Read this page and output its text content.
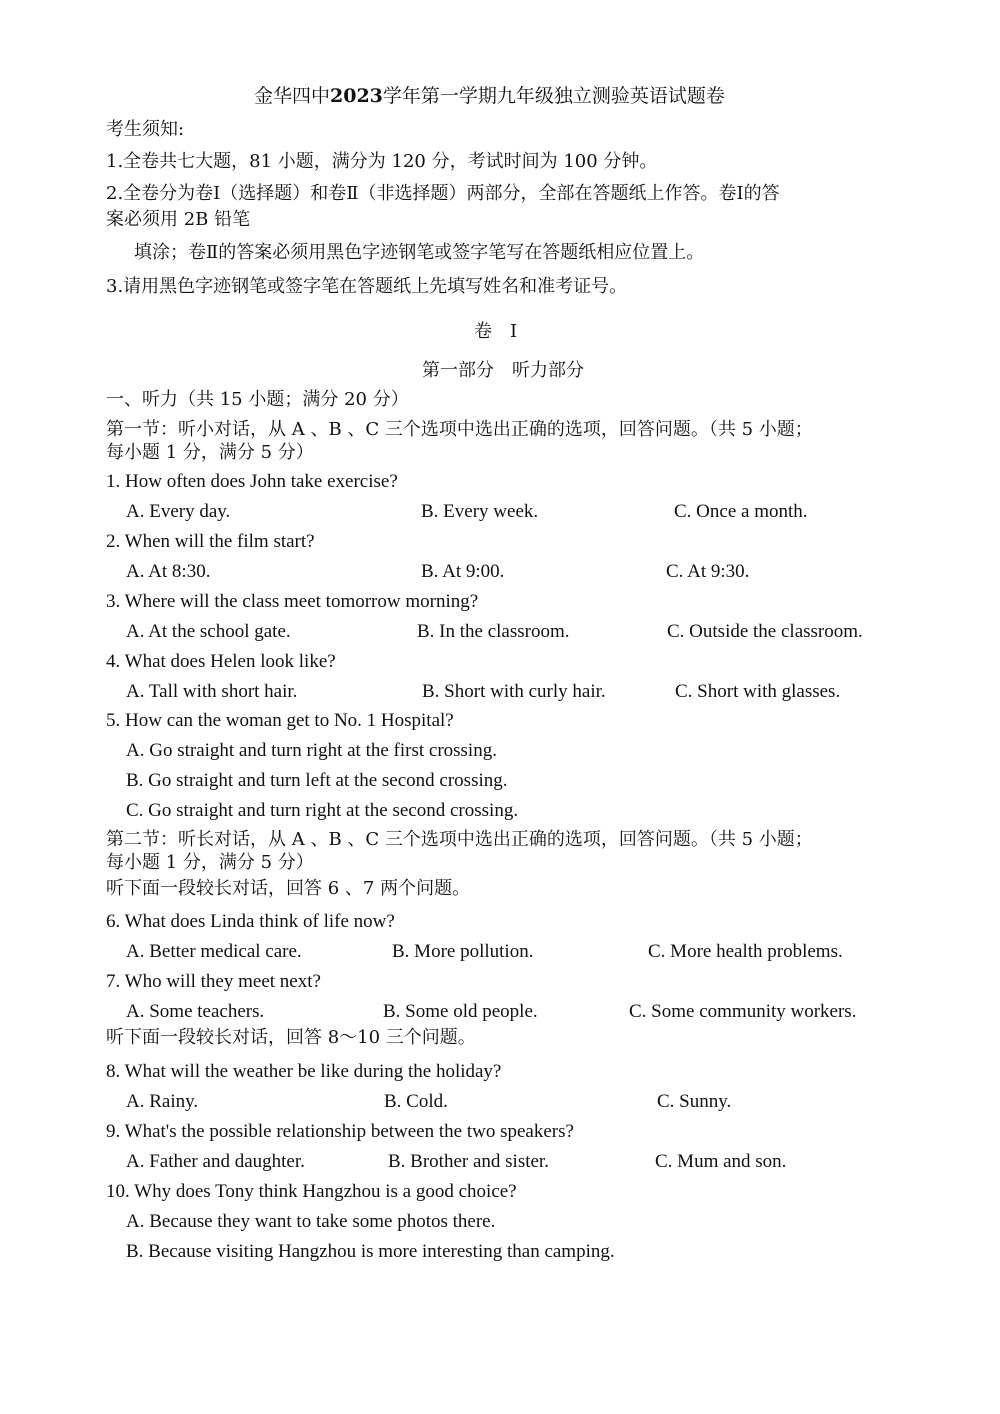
金华四中2023学年第一学期九年级独立测验英语试题卷
考生须知:
1.全卷共七大题，81 小题，满分为 120 分，考试时间为 100 分钟。
2.全卷分为卷Ⅰ（选择题）和卷Ⅱ（非选择题）两部分，全部在答题纸上作答。卷Ⅰ的答
案必须用 2B 铅笔
填涂；卷Ⅱ的答案必须用黑色字迹钢笔或签字笔写在答题纸相应位置上。
3.请用黑色字迹钢笔或签字笔在答题纸上先填写姓名和准考证号。
卷　Ⅰ
第一部分　听力部分
一、听力（共 15 小题；满分 20 分）
第一节：听小对话，从 A 、B 、C 三个选项中选出正确的选项，回答问题。（共 5 小题；
每小题 1 分，满分 5 分）
1. How often does John take exercise?
A. Every day.	B. Every week.	C. Once a month.
2. When will the film start?
A. At 8:30.	B. At 9:00.	C. At 9:30.
3. Where will the class meet tomorrow morning?
A. At the school gate.	B. In the classroom.	C. Outside the classroom.
4. What does Helen look like?
A. Tall with short hair.	B. Short with curly hair.	C. Short with glasses.
5. How can the woman get to No. 1 Hospital?
A. Go straight and turn right at the first crossing.
B. Go straight and turn left at the second crossing.
C. Go straight and turn right at the second crossing.
第二节：听长对话，从 A 、B 、C 三个选项中选出正确的选项，回答问题。（共 5 小题；
每小题 1 分，满分 5 分）
听下面一段较长对话，回答 6 、7 两个问题。
6. What does Linda think of life now?
A. Better medical care.	B. More pollution.	C. More health problems.
7. Who will they meet next?
A. Some teachers.	B. Some old people.	C. Some community workers.
听下面一段较长对话，回答 8～10 三个问题。
8. What will the weather be like during the holiday?
A. Rainy.	B. Cold.	C. Sunny.
9. What's the possible relationship between the two speakers?
A. Father and daughter.	B. Brother and sister.	C. Mum and son.
10. Why does Tony think Hangzhou is a good choice?
A. Because they want to take some photos there.
B. Because visiting Hangzhou is more interesting than camping.
